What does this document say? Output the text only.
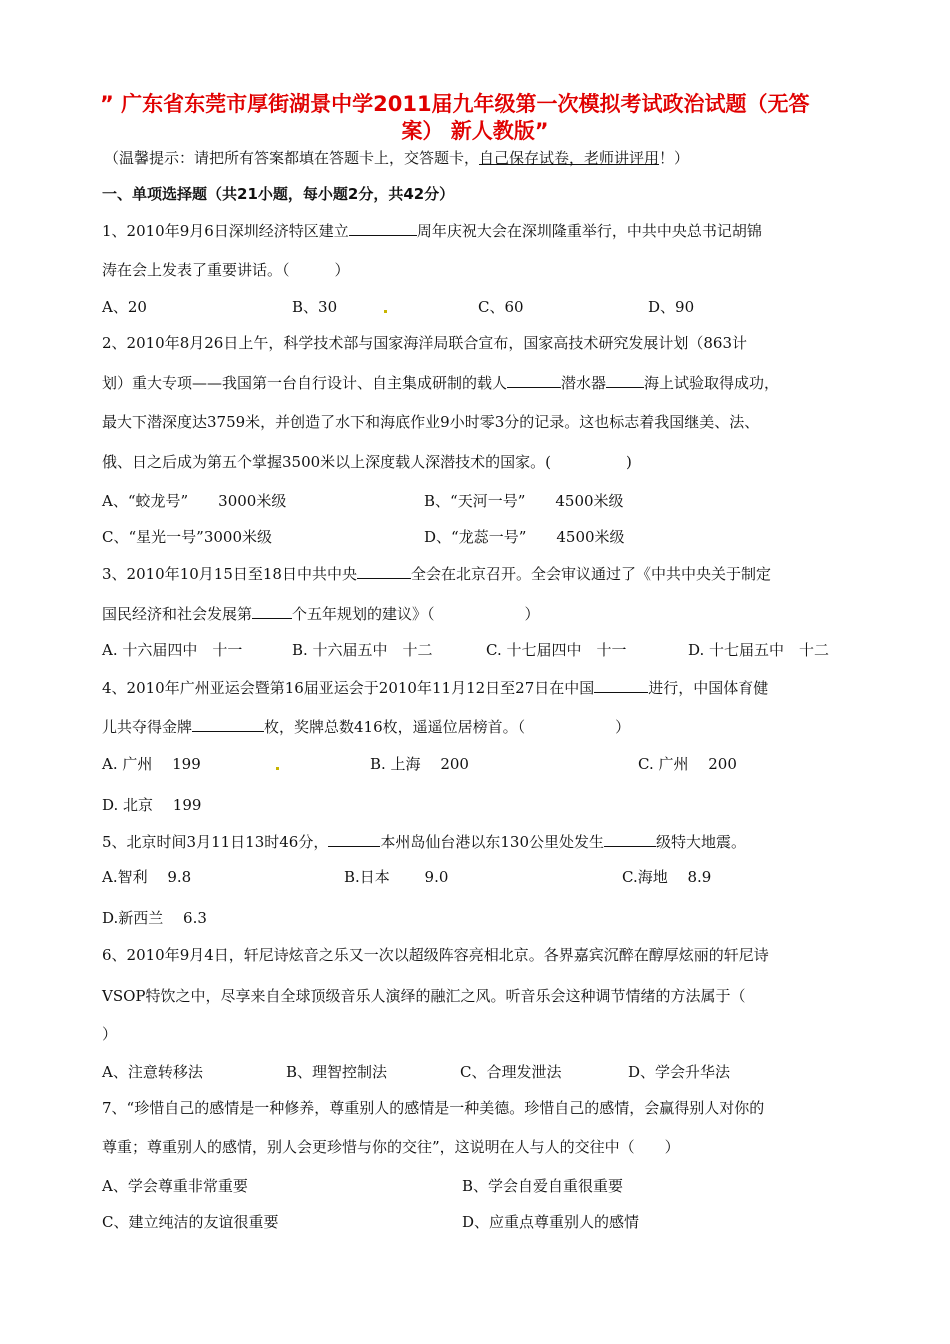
” 广东省东莞市厚街湖景中学2011届九年级第一次模拟考试政治试题（无答
案） 新人教版”
（温馨提示：请把所有答案都填在答题卡上，交答题卡，自己保存试卷，老师讲评用！）
一、单项选择题（共21小题，每小题2分，共42分）
1、2010年9月6日深圳经济特区建立	周年庆祝大会在深圳隆重举行，中共中央总书记胡锦
涛在会上发表了重要讲话。（　　　）
A、20	B、30	C、60	D、90
2、2010年8月26日上午，科学技术部与国家海洋局联合宣布，国家高技术研究发展计划（863计
划）重大专项——我国第一台自行设计、自主集成研制的载人	潜水器	海上试验取得成功，
最大下潜深度达3759米，并创造了水下和海底作业9小时零3分的记录。这也标志着我国继美、法、
俄、日之后成为第五个掌握3500米以上深度载人深潜技术的国家。(　　　　　)
A、“蛟龙号”　　3000米级	B、“天河一号”　　4500米级
C、“星光一号”3000米级	D、“龙蕊一号”　　4500米级
3、2010年10月15日至18日中共中央	全会在北京召开。全会审议通过了《中共中央关于制定
国民经济和社会发展第	个五年规划的建议》（　　　　　　）
A. 十六届四中　十一	B. 十六届五中　十二	C. 十七届四中　十一	D. 十七届五中　十二
4、2010年广州亚运会暨第16届亚运会于2010年11月12日至27日在中国	进行，中国体育健
儿共夺得金牌	枚，奖牌总数416枚，遥遥位居榜首。（　　　　　　）
A. 广州　 199	B. 上海　 200	C. 广州　 200
D. 北京　 199
5、北京时间3月11日13时46分，	本州岛仙台港以东130公里处发生	级特大地震。
A.智利　 9.8	B.日本　　 9.0	C.海地　 8.9
D.新西兰　 6.3
6、2010年9月4日，轩尼诗炫音之乐又一次以超级阵容亮相北京。各界嘉宾沉醉在醇厚炫丽的轩尼诗
VSOP特饮之中，尽享来自全球顶级音乐人演绎的融汇之风。听音乐会这种调节情绪的方法属于（
）
A、注意转移法	B、理智控制法	C、合理发泄法	D、学会升华法
7、“珍惜自己的感情是一种修养，尊重别人的感情是一种美德。珍惜自己的感情，会赢得别人对你的
尊重；尊重别人的感情，别人会更珍惜与你的交往”，这说明在人与人的交往中（　　）
A、学会尊重非常重要	B、学会自爱自重很重要
C、建立纯洁的友谊很重要	D、应重点尊重别人的感情
